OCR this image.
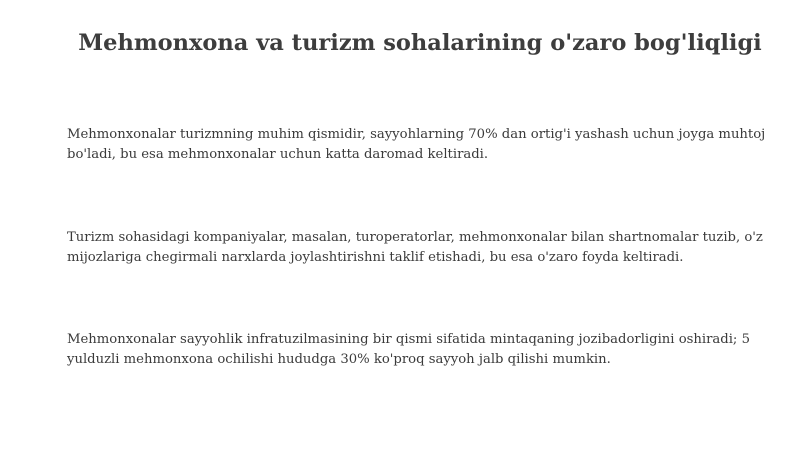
Mehmonxona va turizm sohalarining o'zaro bog'liqligi

Mehmonxonalar turizmning muhim qismidir, sayyohlarning 70% dan ortig'i yashash uchun joyga muhtoj bo'ladi, bu esa mehmonxonalar uchun katta daromad keltiradi.

Turizm sohasidagi kompaniyalar, masalan, turoperatorlar, mehmonxonalar bilan shartnomalar tuzib, o'z mijozlariga chegirmali narxlarda joylashtirishni taklif etishadi, bu esa o'zaro foyda keltiradi.

Mehmonxonalar sayyohlik infratuzilmasining bir qismi sifatida mintaqaning jozibadorligini oshiradi; 5 yulduzli mehmonxona ochilishi hududga 30% ko'proq sayyoh jalb qilishi mumkin.
